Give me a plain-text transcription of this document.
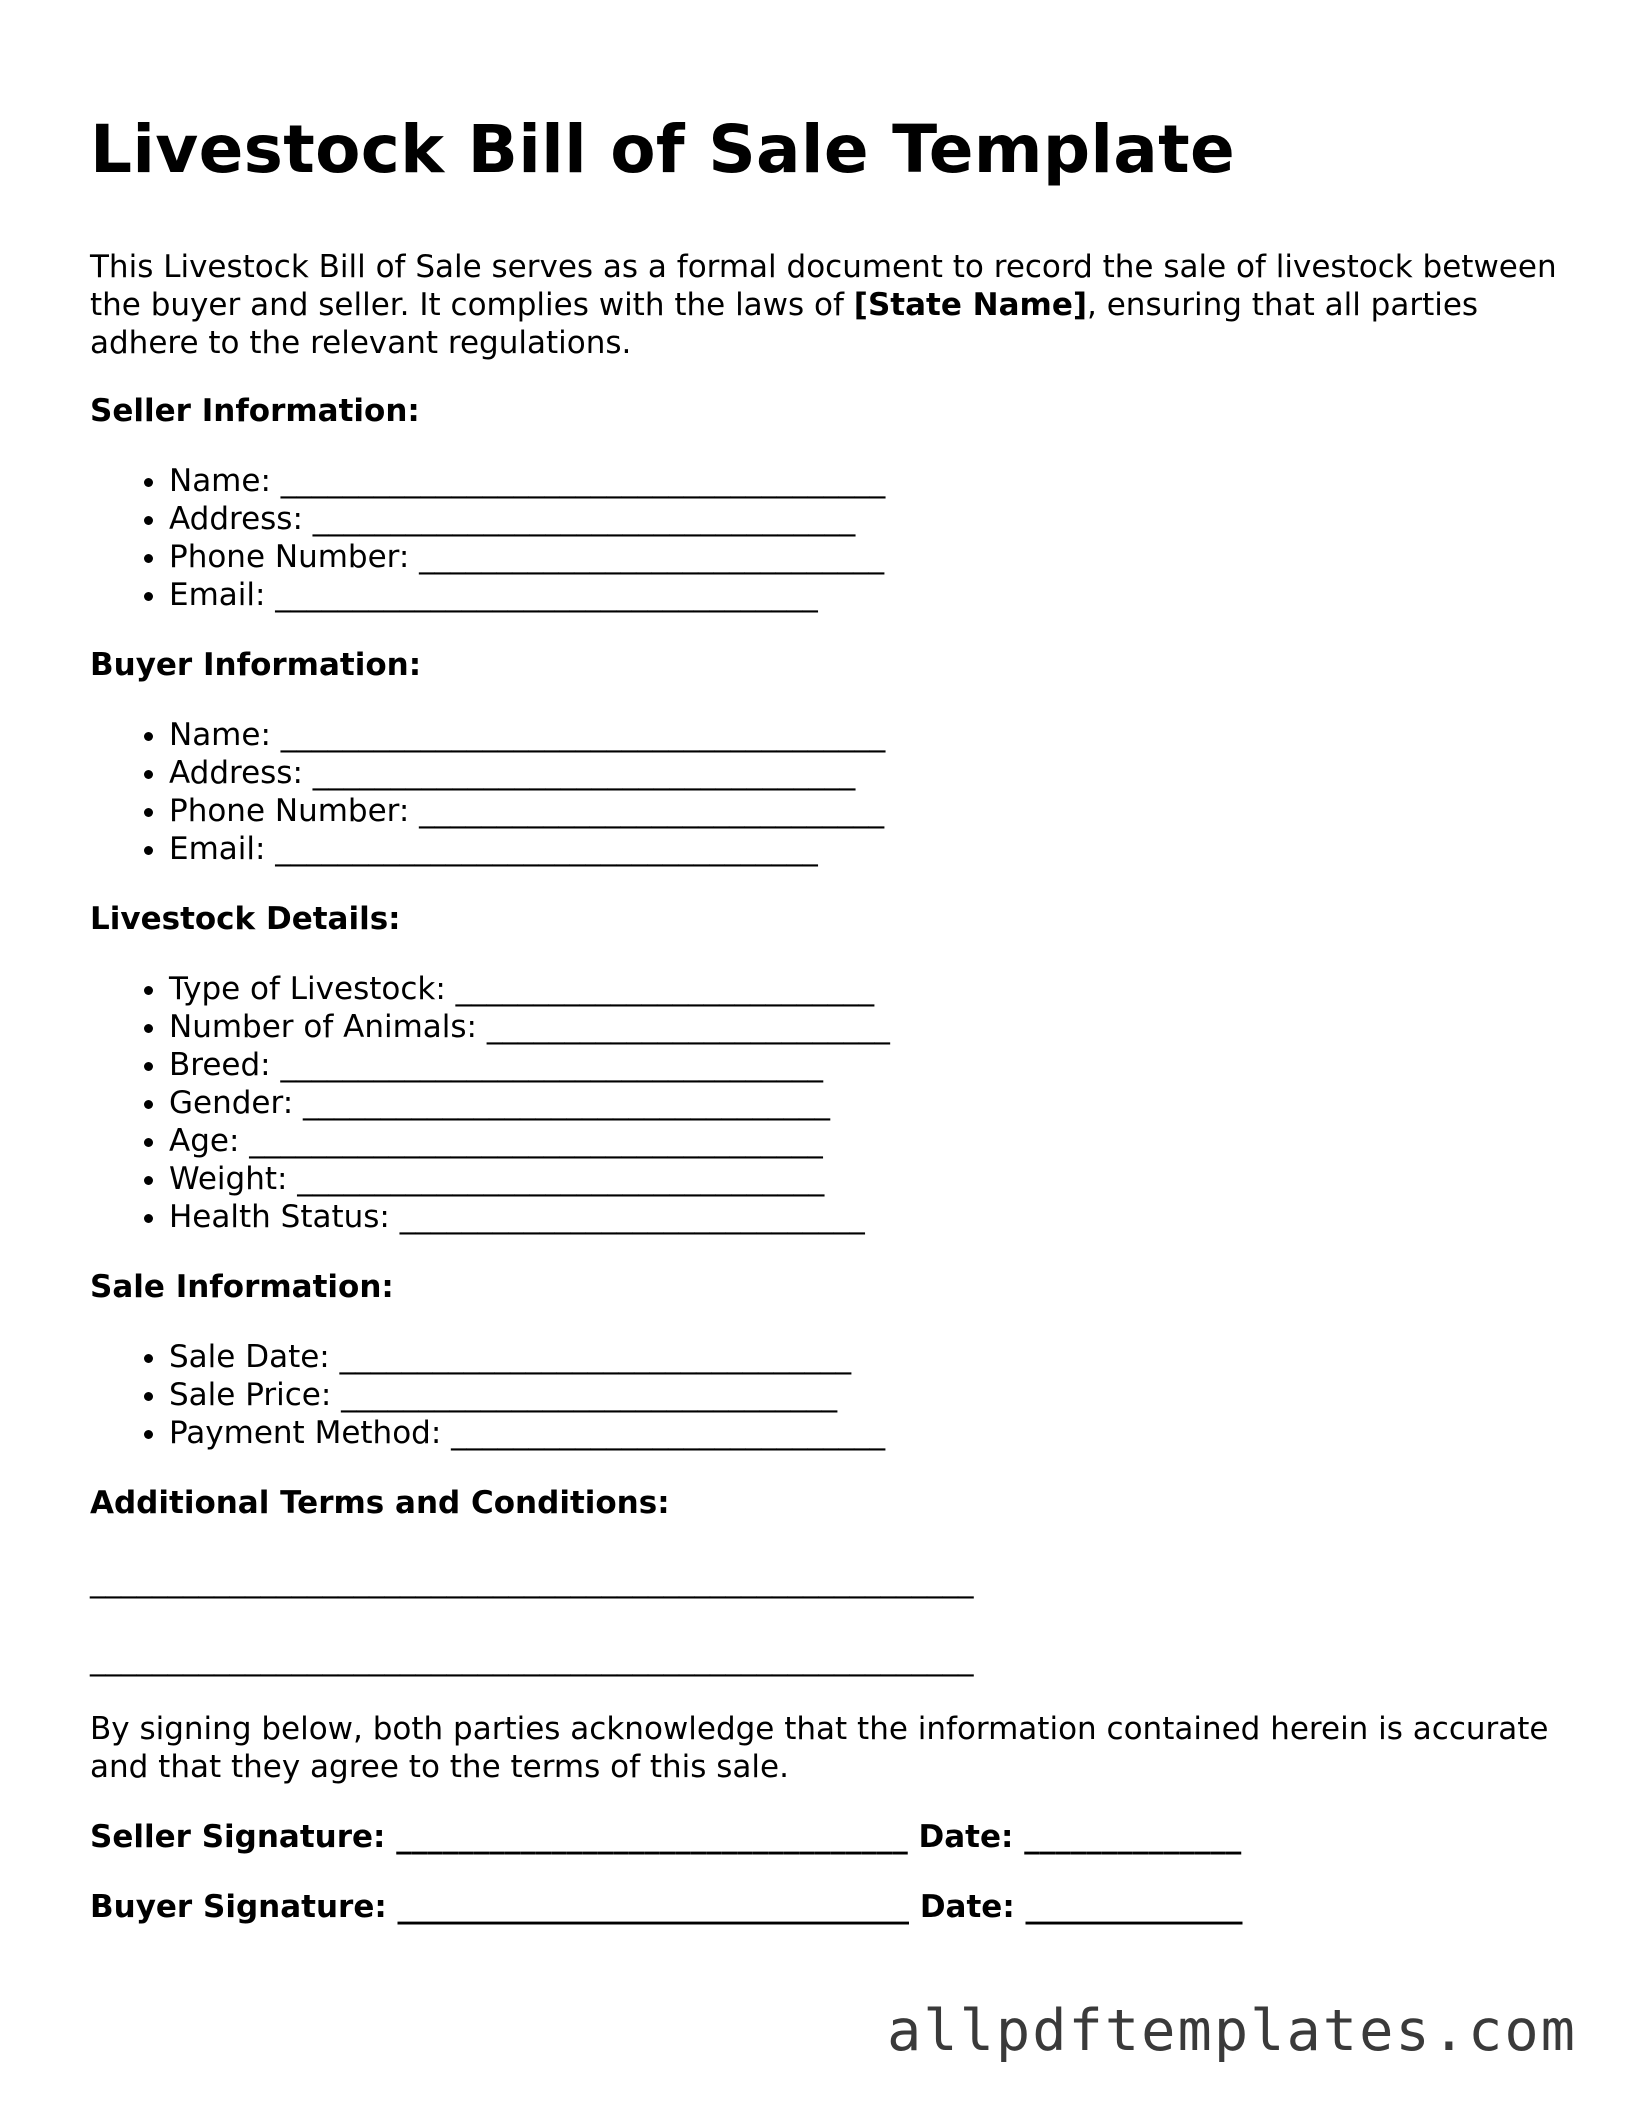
Livestock Bill of Sale Template

This Livestock Bill of Sale serves as a formal document to record the sale of livestock between the buyer and seller. It complies with the laws of [State Name], ensuring that all parties adhere to the relevant regulations.

Seller Information:

• Name: _______________________________________
• Address: ___________________________________
• Phone Number: ______________________________
• Email: ___________________________________

Buyer Information:

• Name: _______________________________________
• Address: ___________________________________
• Phone Number: ______________________________
• Email: ___________________________________

Livestock Details:

• Type of Livestock: ___________________________
• Number of Animals: __________________________
• Breed: ___________________________________
• Gender: __________________________________
• Age: _____________________________________
• Weight: __________________________________
• Health Status: ______________________________

Sale Information:

• Sale Date: _________________________________
• Sale Price: ________________________________
• Payment Method: ____________________________

Additional Terms and Conditions:

_________________________________________________________
_________________________________________________________

By signing below, both parties acknowledge that the information contained herein is accurate and that they agree to the terms of this sale.

Seller Signature: _________________________________ Date: ______________

Buyer Signature: _________________________________ Date: ______________

allpdftemplates.com
